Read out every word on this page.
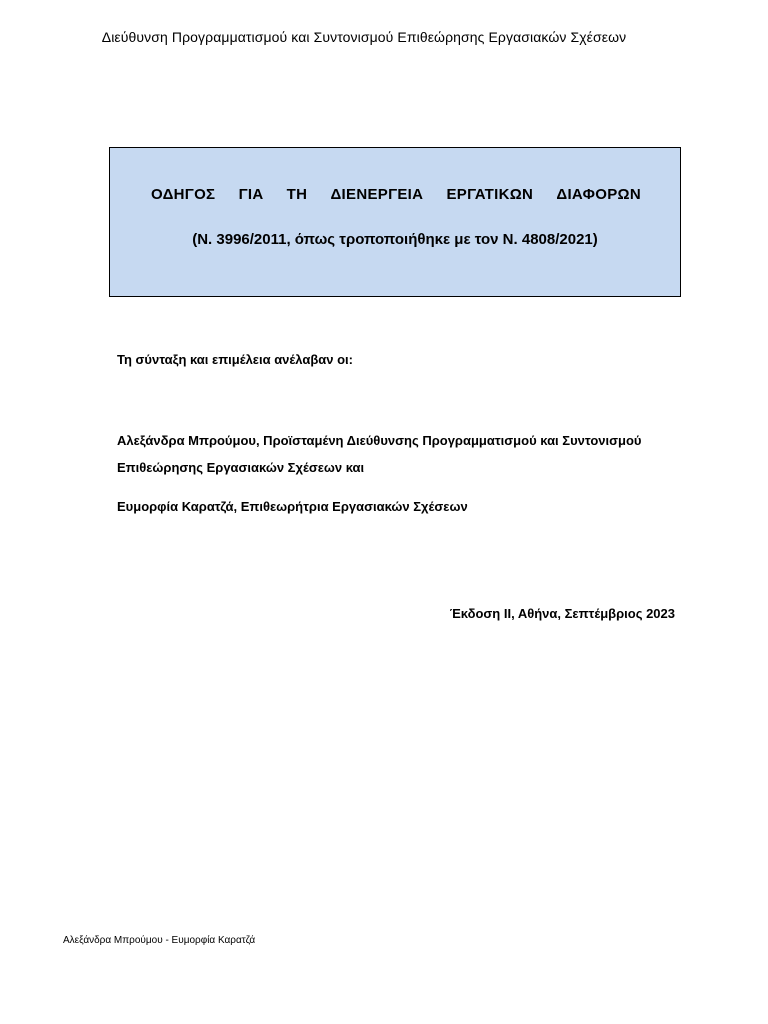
Διεύθυνση Προγραμματισμού και Συντονισμού Επιθεώρησης Εργασιακών Σχέσεων
ΟΔΗΓΟΣ ΓΙΑ ΤΗ ΔΙΕΝΕΡΓΕΙΑ ΕΡΓΑΤΙΚΩΝ ΔΙΑΦΟΡΩΝ
(Ν. 3996/2011, όπως τροποποιήθηκε με τον Ν. 4808/2021)
Τη σύνταξη και επιμέλεια ανέλαβαν οι:
Αλεξάνδρα Μπρούμου, Προϊσταμένη Διεύθυνσης Προγραμματισμού και Συντονισμού
Επιθεώρησης Εργασιακών Σχέσεων και
Ευμορφία Καρατζά, Επιθεωρήτρια Εργασιακών Σχέσεων
Έκδοση ΙΙ, Αθήνα, Σεπτέμβριος 2023
Αλεξάνδρα Μπρούμου - Ευμορφία Καρατζά
